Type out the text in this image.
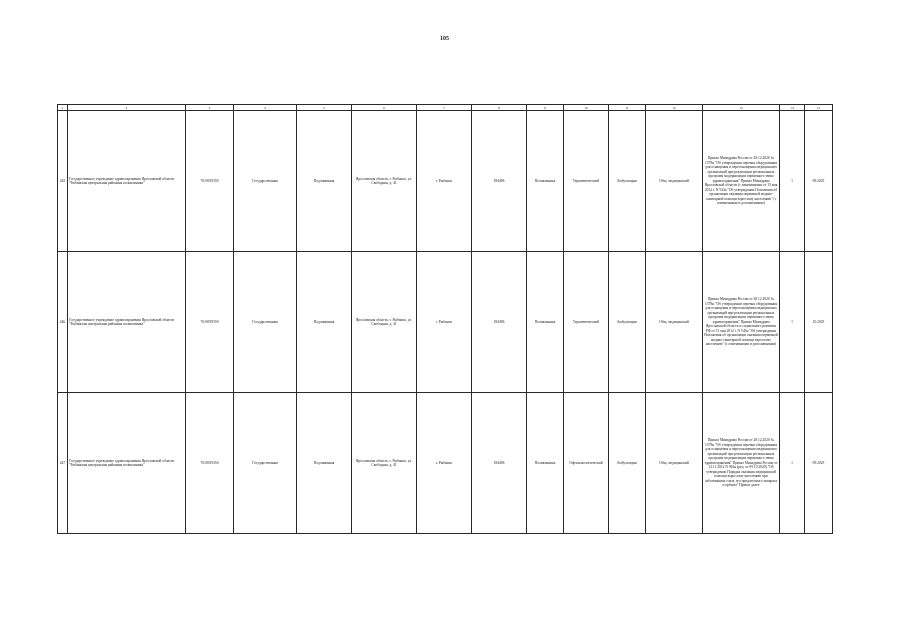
105
1	2	3	4	5	6	7	8	9	10	11	12	13	14	15
445	Государственное учреждение здравоохранения Ярославской области "Рыбинская центральная районная поликлиника"	7610019350	Государственная	Подчиненная	Ярославская область, г. Рыбинск, ул. Свободная, д. 41	г. Рыбинск	184496	Поликлиника	Терапевтический	Амбулаторно	Общ. медицинский	Приказ Минздрава России от 28.12.2020 № 1379н "Об утверждении перечня оборудования для оснащения и переоснащения медицинских организаций при реализации региональных программ модернизации первичного звена здравоохранения" Приказ Минздрава Ярославской области (с изменениями от 15 мая 2012 г. N 543н "Об утверждении Положения об организации оказания первичной медико-санитарной помощи взрослому населению" (с изменениями и дополнениями)	1	09.2025
446	Государственное учреждение здравоохранения Ярославской области "Рыбинская центральная районная поликлиника"	7610019350	Государственная	Подчиненная	Ярославская область, г. Рыбинск, ул. Свободная, д. 41	г. Рыбинск	184496	Поликлиника	Терапевтический	Амбулаторно	Общ. медицинский	Приказ Минздрава России от 28.12.2020 № 1379н "Об утверждении перечня оборудования для оснащения и переоснащения медицинских организаций при реализации региональных программ модернизации первичного звена здравоохранения" Приказ Минздрава Ярославской области и социального развития РФ от 15 мая 2012 г. N 543н "Об утверждении Положения об организации оказания первичной медико-санитарной помощи взрослому населению" (с изменениями и дополнениями)	1	10.2025
447	Государственное учреждение здравоохранения Ярославской области "Рыбинская центральная районная поликлиника"	7610019350	Государственная	Подчиненная	Ярославская область, г. Рыбинск, ул. Свободная, д. 41	г. Рыбинск	184496	Поликлиника	Офтальмологический	Амбулаторно	Общ. медицинский	Приказ Минздрава России от 28.12.2020 № 1379н "Об утверждении перечня оборудования для оснащения и переоснащения медицинских организаций при реализации региональных программ модернизации первичного звена здравоохранения" Приказ Минздрава России от 12.11.2012 N 902н (ред. от 09.10.2020) "Об утверждении Порядка оказания медицинской помощи взрослому населению при заболеваниях глаза, его придаточного аппарата и орбиты" Приказ далее	1	09.2025
